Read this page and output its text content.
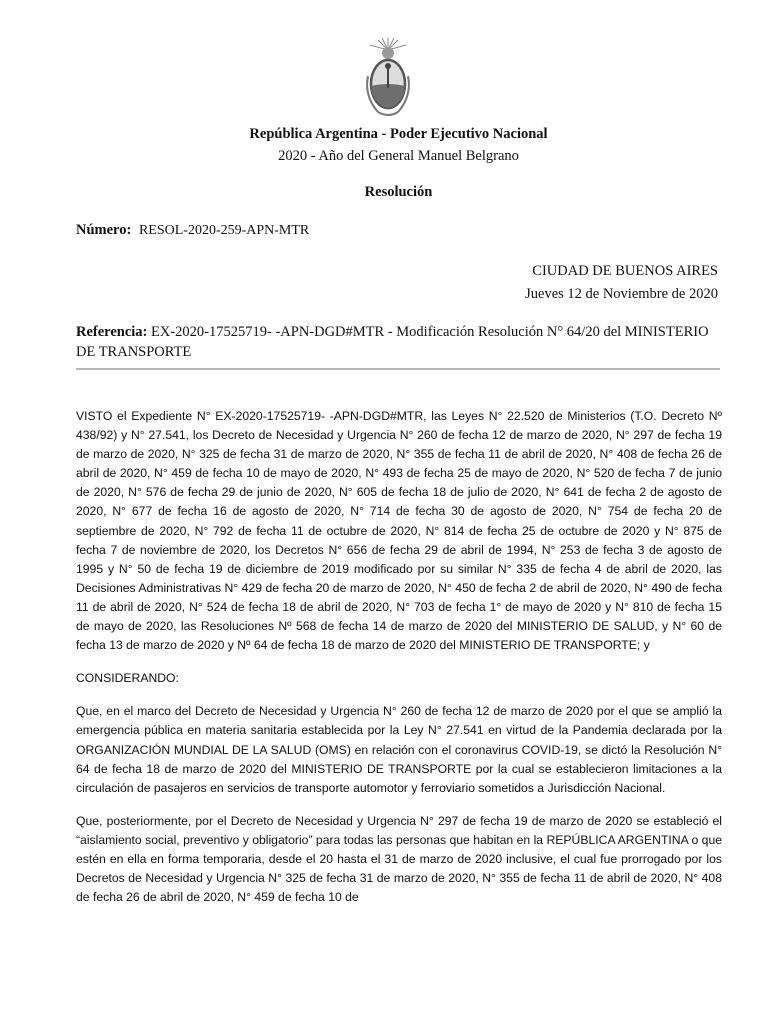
República Argentina - Poder Ejecutivo Nacional
2020 - Año del General Manuel Belgrano
Resolución
Número: RESOL-2020-259-APN-MTR
CIUDAD DE BUENOS AIRES
Jueves 12 de Noviembre de 2020
Referencia: EX-2020-17525719- -APN-DGD#MTR - Modificación Resolución N° 64/20 del MINISTERIO DE TRANSPORTE

VISTO el Expediente N° EX-2020-17525719- -APN-DGD#MTR, las Leyes N° 22.520 de Ministerios (T.O. Decreto Nº 438/92) y N° 27.541, los Decreto de Necesidad y Urgencia N° 260 de fecha 12 de marzo de 2020, N° 297 de fecha 19 de marzo de 2020, N° 325 de fecha 31 de marzo de 2020, N° 355 de fecha 11 de abril de 2020, N° 408 de fecha 26 de abril de 2020, N° 459 de fecha 10 de mayo de 2020, N° 493 de fecha 25 de mayo de 2020, N° 520 de fecha 7 de junio de 2020, N° 576 de fecha 29 de junio de 2020, N° 605 de fecha 18 de julio de 2020, N° 641 de fecha 2 de agosto de 2020, N° 677 de fecha 16 de agosto de 2020, N° 714 de fecha 30 de agosto de 2020, N° 754 de fecha 20 de septiembre de 2020, N° 792 de fecha 11 de octubre de 2020, N° 814 de fecha 25 de octubre de 2020 y N° 875 de fecha 7 de noviembre de 2020, los Decretos N° 656 de fecha 29 de abril de 1994, N° 253 de fecha 3 de agosto de 1995 y N° 50 de fecha 19 de diciembre de 2019 modificado por su similar N° 335 de fecha 4 de abril de 2020, las Decisiones Administrativas N° 429 de fecha 20 de marzo de 2020, N° 450 de fecha 2 de abril de 2020, N° 490 de fecha 11 de abril de 2020, N° 524 de fecha 18 de abril de 2020, N° 703 de fecha 1° de mayo de 2020 y N° 810 de fecha 15 de mayo de 2020, las Resoluciones Nº 568 de fecha 14 de marzo de 2020 del MINISTERIO DE SALUD, y N° 60 de fecha 13 de marzo de 2020 y Nº 64 de fecha 18 de marzo de 2020 del MINISTERIO DE TRANSPORTE; y

CONSIDERANDO:

Que, en el marco del Decreto de Necesidad y Urgencia N° 260 de fecha 12 de marzo de 2020 por el que se amplió la emergencia pública en materia sanitaria establecida por la Ley N° 27.541 en virtud de la Pandemia declarada por la ORGANIZACIÓN MUNDIAL DE LA SALUD (OMS) en relación con el coronavirus COVID-19, se dictó la Resolución N° 64 de fecha 18 de marzo de 2020 del MINISTERIO DE TRANSPORTE por la cual se establecieron limitaciones a la circulación de pasajeros en servicios de transporte automotor y ferroviario sometidos a Jurisdicción Nacional.

Que, posteriormente, por el Decreto de Necesidad y Urgencia N° 297 de fecha 19 de marzo de 2020 se estableció el “aislamiento social, preventivo y obligatorio” para todas las personas que habitan en la REPÚBLICA ARGENTINA o que estén en ella en forma temporaria, desde el 20 hasta el 31 de marzo de 2020 inclusive, el cual fue prorrogado por los Decretos de Necesidad y Urgencia N° 325 de fecha 31 de marzo de 2020, N° 355 de fecha 11 de abril de 2020, N° 408 de fecha 26 de abril de 2020, N° 459 de fecha 10 de
